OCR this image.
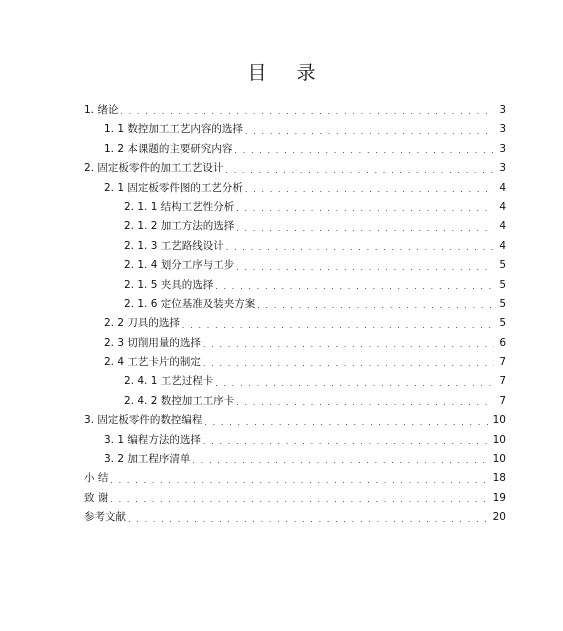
目 录
1. 绪论 . . .	3
1. 1 数控加工工艺内容的选择 . . .	3
1. 2 本课题的主要研究内容 . . .	3
2. 固定板零件的加工工艺设计 . . .	3
2. 1 固定板零件图的工艺分析 . . .	4
2. 1. 1 结构工艺性分析 . . .	4
2. 1. 2 加工方法的选择 . . .	4
2. 1. 3 工艺路线设计 . . .	4
2. 1. 4 划分工序与工步 . . .	5
2. 1. 5 夹具的选择 . . .	5
2. 1. 6 定位基准及装夹方案 . . .	5
2. 2 刀具的选择 . . .	5
2. 3 切削用量的选择 . . .	6
2. 4 工艺卡片的制定 . . .	7
2. 4. 1 工艺过程卡 . . .	7
2. 4. 2 数控加工工序卡 . . .	7
3. 固定板零件的数控编程 . . .	10
3. 1 编程方法的选择 . . .	10
3. 2 加工程序清单 . . .	10
小 结 . . .	18
致 谢 . . .	19
参考文献 . . .	20
